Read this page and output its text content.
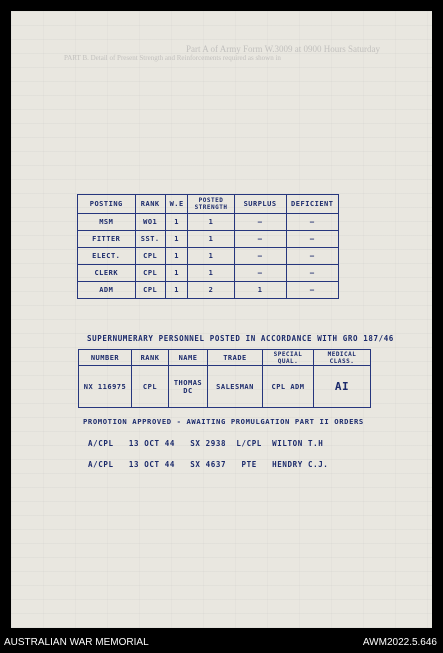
Part A of Army Form W.3009 at 0900 Hours Saturday
PART B. Detail of Present Strength and Reinforcements required as shown in
POSTING	RANK	W.E	POSTED STRENGTH	SURPLUS	DEFICIENT
MSM	WO1	1	1	–	–
FITTER	SST.	1	1	–	–
ELECT.	CPL	1	1	–	–
CLERK	CPL	1	1	–	–
ADM	CPL	1	2	1	–
SUPERNUMERARY PERSONNEL POSTED IN ACCORDANCE WITH GRO 187/46
NUMBER	RANK	NAME	TRADE	SPECIAL QUAL.	MEDICAL CLASS.
NX 116975	CPL	THOMAS DC	SALESMAN	CPL ADM	AI
PROMOTION APPROVED - AWAITING PROMULGATION PART II ORDERS
A/CPL   13 OCT 44   SX 2938  L/CPL  WILTON T.H
A/CPL   13 OCT 44   SX 4637   PTE   HENDRY C.J.
AUSTRALIAN WAR MEMORIAL	AWM2022.5.646
